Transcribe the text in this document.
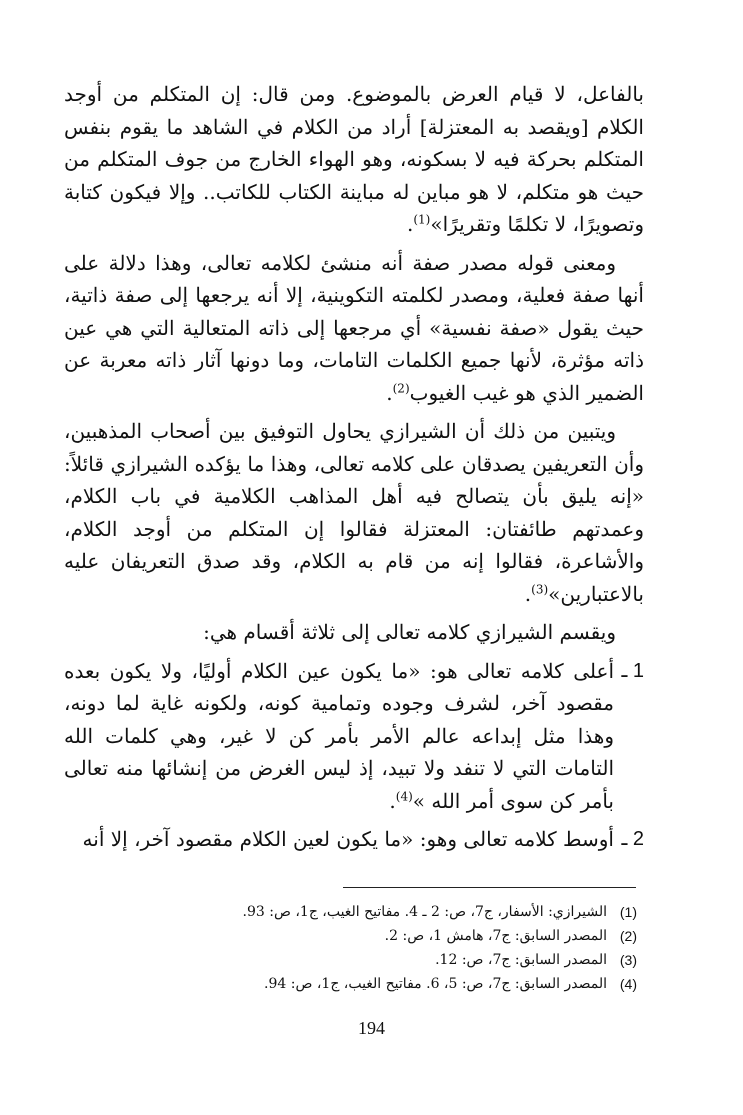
بالفاعل، لا قيام العرض بالموضوع. ومن قال: إن المتكلم من أوجد الكلام [ويقصد به المعتزلة] أراد من الكلام في الشاهد ما يقوم بنفس المتكلم بحركة فيه لا بسكونه، وهو الهواء الخارج من جوف المتكلم من حيث هو متكلم، لا هو مباين له مباينة الكتاب للكاتب.. وإلا فيكون كتابة وتصويرًا، لا تكلمًا وتقريرًا»$^{(1)}$.

ومعنى قوله مصدر صفة أنه منشئ لكلامه تعالى، وهذا دلالة على أنها صفة فعلية، ومصدر لكلمته التكوينية، إلا أنه يرجعها إلى صفة ذاتية، حيث يقول «صفة نفسية» أي مرجعها إلى ذاته المتعالية التي هي عين ذاته مؤثرة، لأنها جميع الكلمات التامات، وما دونها آثار ذاته معربة عن الضمير الذي هو غيب الغيوب$^{(2)}$.

ويتبين من ذلك أن الشيرازي يحاول التوفيق بين أصحاب المذهبين، وأن التعريفين يصدقان على كلامه تعالى، وهذا ما يؤكده الشيرازي قائلاً: «إنه يليق بأن يتصالح فيه أهل المذاهب الكلامية في باب الكلام، وعمدتهم طائفتان: المعتزلة فقالوا إن المتكلم من أوجد الكلام، والأشاعرة، فقالوا إنه من قام به الكلام، وقد صدق التعريفان عليه بالاعتبارين»$^{(3)}$.

ويقسم الشيرازي كلامه تعالى إلى ثلاثة أقسام هي:

1 ـ
أعلى كلامه تعالى هو: «ما يكون عين الكلام أوليًا، ولا يكون بعده مقصود آخر، لشرف وجوده وتمامية كونه، ولكونه غاية لما دونه، وهذا مثل إبداعه عالم الأمر بأمر كن لا غير، وهي كلمات الله التامات التي لا تنفد ولا تبيد، إذ ليس الغرض من إنشائها منه تعالى بأمر كن سوى أمر الله »$^{(4)}$.
2 ـ
أوسط كلامه تعالى وهو: «ما يكون لعين الكلام مقصود آخر، إلا أنه
(1)
الشيرازي: الأسفار، ج7، ص: 2 ـ 4. مفاتيح الغيب، ج1، ص: 93.
(2)
المصدر السابق: ج7، هامش 1، ص: 2.
(3)
المصدر السابق: ج7، ص: 12.
(4)
المصدر السابق: ج7، ص: 5، 6. مفاتيح الغيب، ج1، ص: 94.
194
